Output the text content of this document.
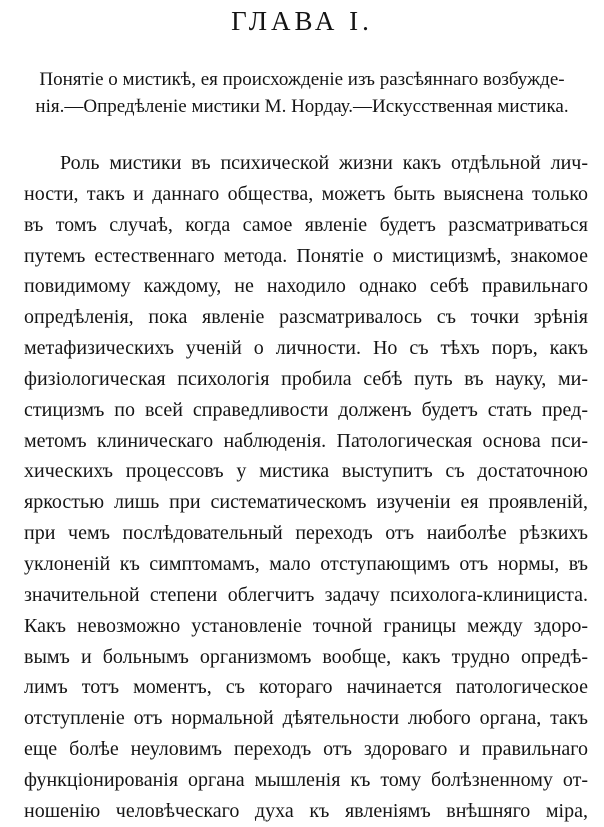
ГЛАВА I.

Понятіе о мистикѣ, ея происхожденіе изъ разсѣяннаго возбужде-

нія.—Опредѣленіе мистики М. Нордау.—Искусственная мистика.

Роль мистики въ психической жизни какъ отдѣльной лич-
ности, такъ и даннаго общества, можетъ быть выяснена только
въ томъ случаѣ, когда самое явленіе будетъ разсматриваться
путемъ естественнаго метода. Понятіе о мистицизмѣ, знакомое
повидимому каждому, не находило однако себѣ правильнаго
опредѣленія, пока явленіе разсматривалось съ точки зрѣнія
метафизическихъ ученій о личности. Но съ тѣхъ поръ, какъ
физіологическая психологія пробила себѣ путь въ науку, ми-
стицизмъ по всей справедливости долженъ будетъ стать пред-
метомъ клиническаго наблюденія. Патологическая основа пси-
хическихъ процессовъ у мистика выступитъ съ достаточною
яркостью лишь при систематическомъ изученіи ея проявленій,
при чемъ послѣдовательный переходъ отъ наиболѣе рѣзкихъ
уклоненій къ симптомамъ, мало отступающимъ отъ нормы, въ
значительной степени облегчитъ задачу психолога-клинициста.
Какъ невозможно установленіе точной границы между здоро-
вымъ и больнымъ организмомъ вообще, какъ трудно опредѣ-
лимъ тотъ моментъ, съ котораго начинается патологическое
отступленіе отъ нормальной дѣятельности любого органа, такъ
еще болѣе неуловимъ переходъ отъ здороваго и правильнаго
функціонированія органа мышленія къ тому болѣзненному от-
ношенію человѣческаго духа къ явленіямъ внѣшняго міра,
